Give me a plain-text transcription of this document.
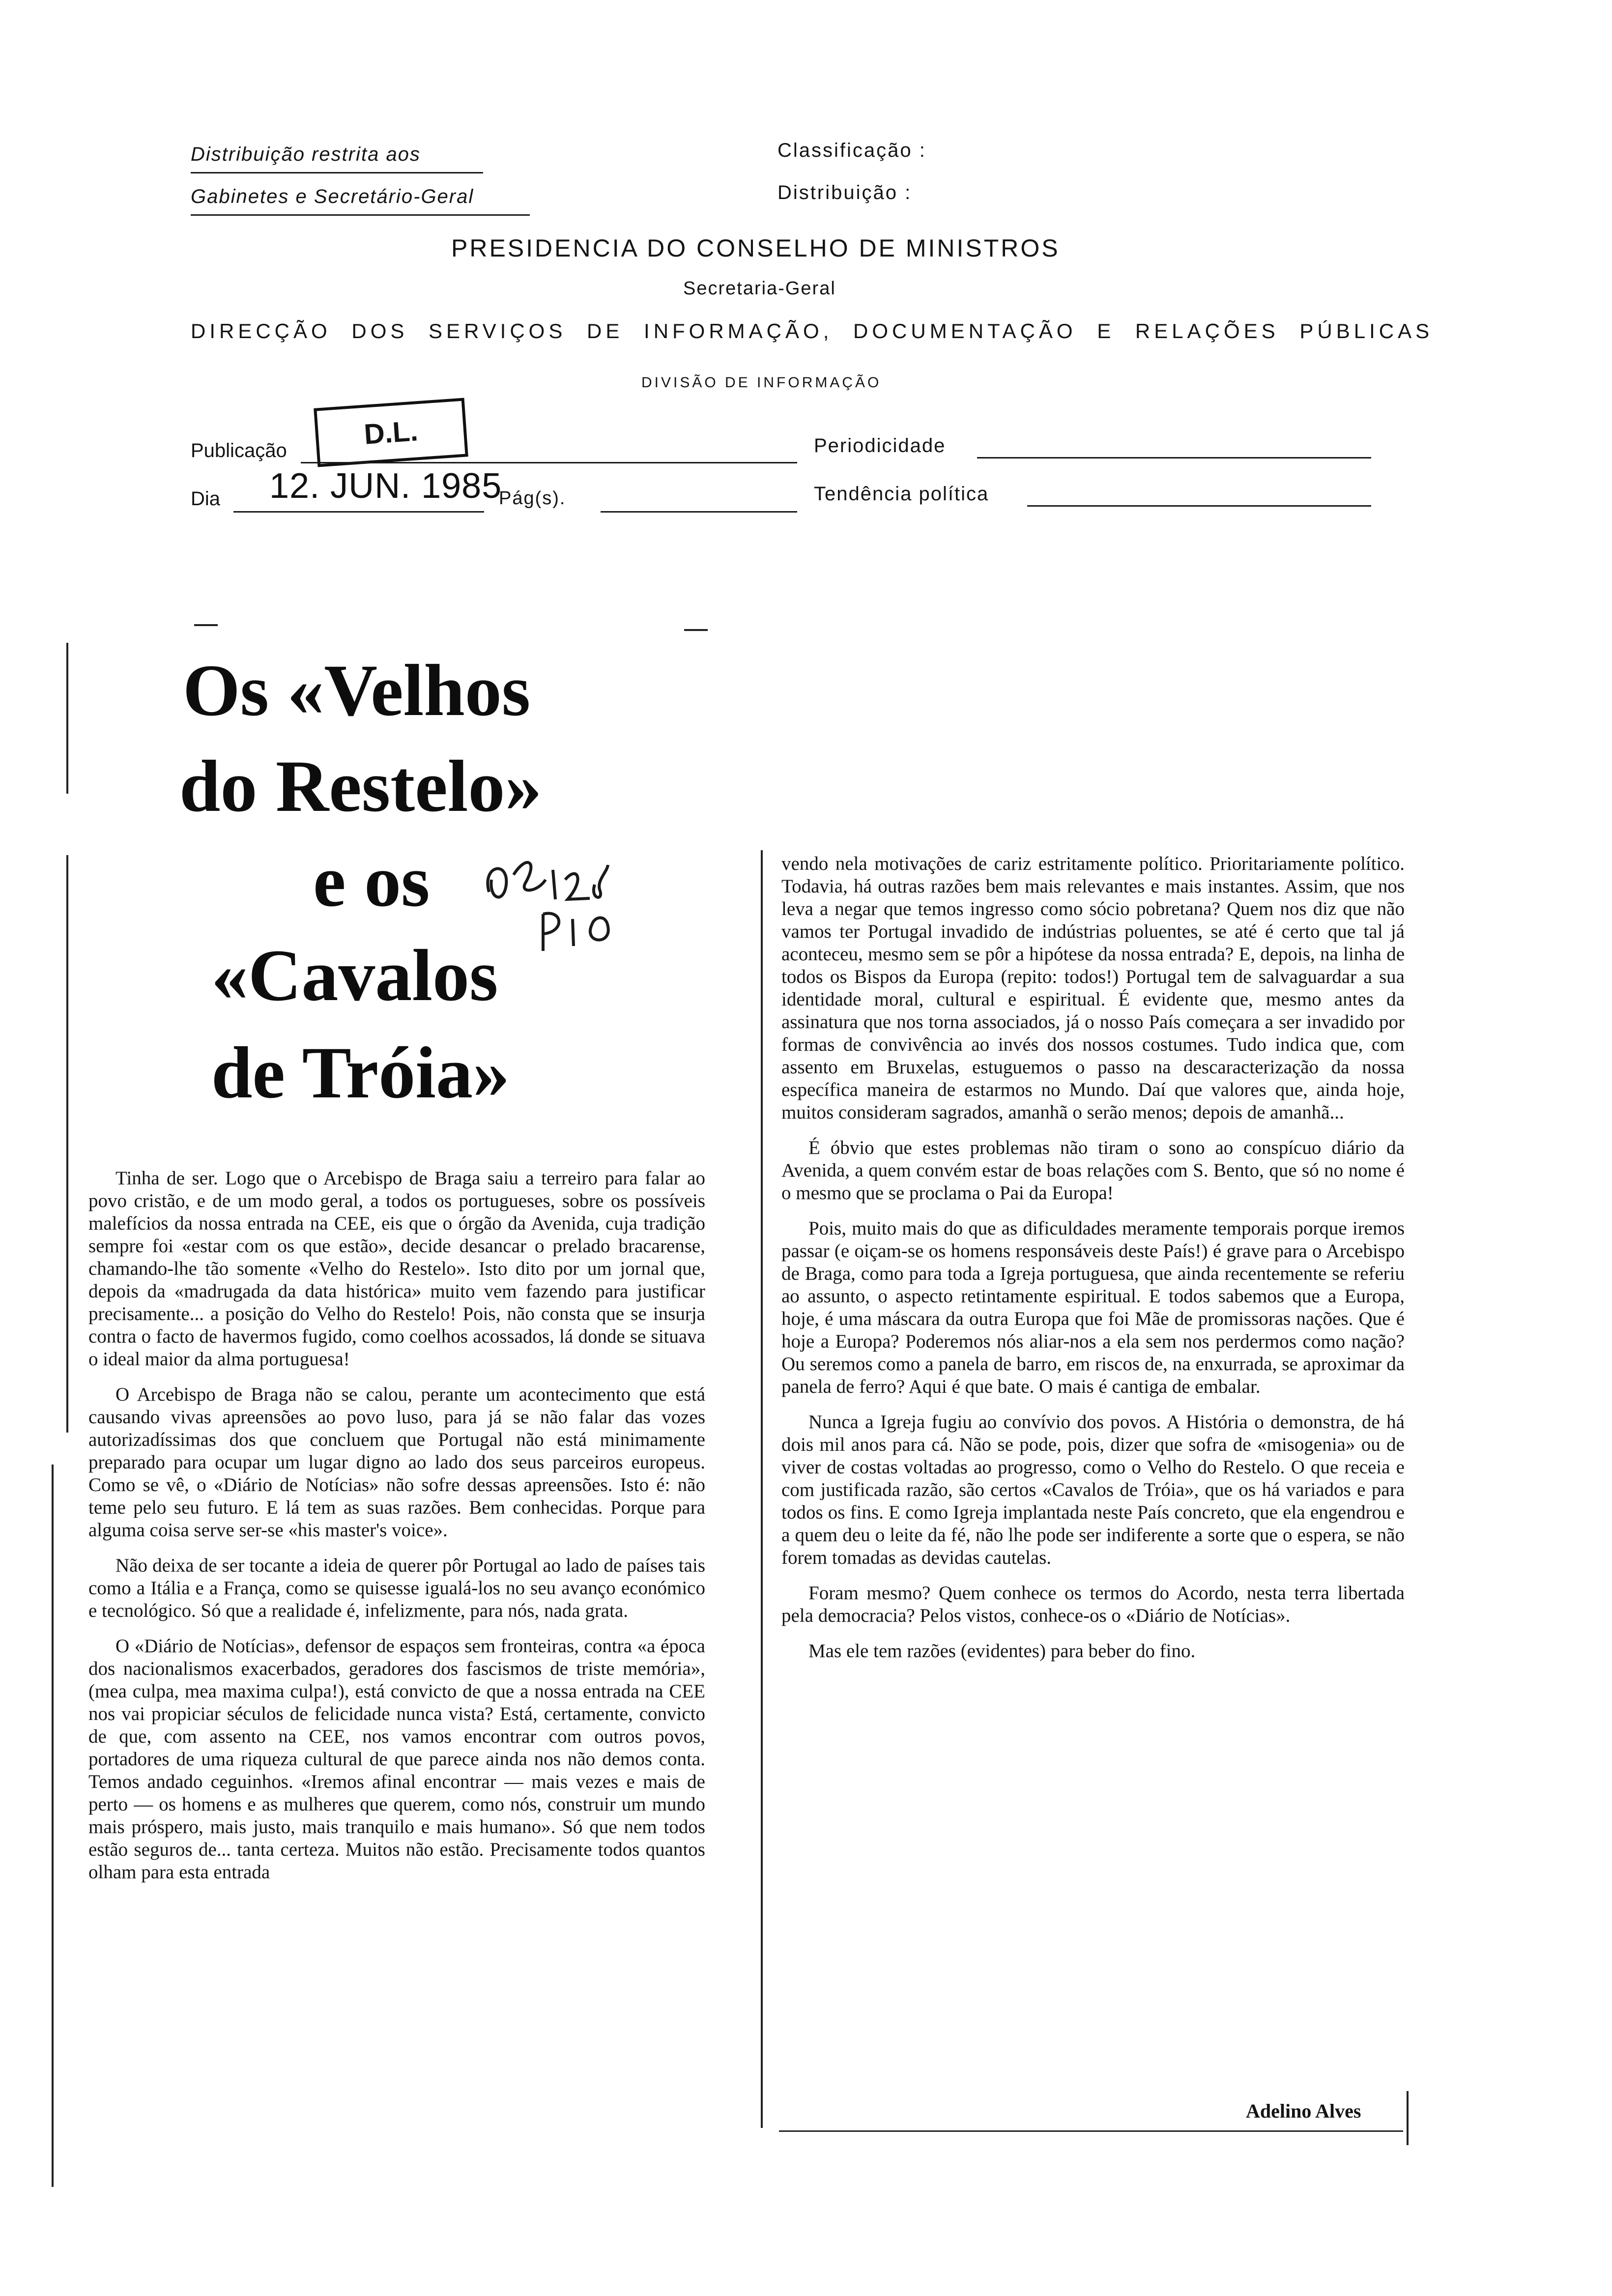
Distribuição restrita aos
Gabinetes e Secretário-Geral
Classificação :
Distribuição :
PRESIDENCIA DO CONSELHO DE MINISTROS
Secretaria-Geral
DIRECÇÃO DOS SERVIÇOS DE INFORMAÇÃO, DOCUMENTAÇÃO E RELAÇÕES PÚBLICAS
DIVISÃO DE INFORMAÇÃO
D.L.
Publicação	Periodicidade
Dia 12. JUN. 1985
Pág(s).	Tendência política
Os «Velhos
do Restelo»
e os
«Cavalos
de Tróia»

Tinha de ser. Logo que o Arcebispo de Braga saiu a terreiro para falar ao povo cristão, e de um modo geral, a todos os portugueses, sobre os possíveis malefícios da nossa entrada na CEE, eis que o órgão da Avenida, cuja tradição sempre foi «estar com os que estão», decide desancar o prelado bracarense, chamando-lhe tão somente «Velho do Restelo». Isto dito por um jornal que, depois da «madrugada da data histórica» muito vem fazendo para justificar precisamente... a posição do Velho do Restelo! Pois, não consta que se insurja contra o facto de havermos fugido, como coelhos acossados, lá donde se situava o ideal maior da alma portuguesa!

O Arcebispo de Braga não se calou, perante um acontecimento que está causando vivas apreensões ao povo luso, para já se não falar das vozes autorizadíssimas dos que concluem que Portugal não está minimamente preparado para ocupar um lugar digno ao lado dos seus parceiros europeus. Como se vê, o «Diário de Notícias» não sofre dessas apreensões. Isto é: não teme pelo seu futuro. E lá tem as suas razões. Bem conhecidas. Porque para alguma coisa serve ser-se «his master's voice».

Não deixa de ser tocante a ideia de querer pôr Portugal ao lado de países tais como a Itália e a França, como se quisesse igualá-los no seu avanço económico e tecnológico. Só que a realidade é, infelizmente, para nós, nada grata.

O «Diário de Notícias», defensor de espaços sem fronteiras, contra «a época dos nacionalismos exacerbados, geradores dos fascismos de triste memória», (mea culpa, mea maxima culpa!), está convicto de que a nossa entrada na CEE nos vai propiciar séculos de felicidade nunca vista? Está, certamente, convicto de que, com assento na CEE, nos vamos encontrar com outros povos, portadores de uma riqueza cultural de que parece ainda nos não demos conta. Temos andado ceguinhos. «Iremos afinal encontrar — mais vezes e mais de perto — os homens e as mulheres que querem, como nós, construir um mundo mais próspero, mais justo, mais tranquilo e mais humano». Só que nem todos estão seguros de... tanta certeza. Muitos não estão. Precisamente todos quantos olham para esta entrada

vendo nela motivações de cariz estritamente político. Prioritariamente político. Todavia, há outras razões bem mais relevantes e mais instantes. Assim, que nos leva a negar que temos ingresso como sócio pobretana? Quem nos diz que não vamos ter Portugal invadido de indústrias poluentes, se até é certo que tal já aconteceu, mesmo sem se pôr a hipótese da nossa entrada? E, depois, na linha de todos os Bispos da Europa (repito: todos!) Portugal tem de salvaguardar a sua identidade moral, cultural e espiritual. É evidente que, mesmo antes da assinatura que nos torna associados, já o nosso País começara a ser invadido por formas de convivência ao invés dos nossos costumes. Tudo indica que, com assento em Bruxelas, estuguemos o passo na descaracterização da nossa específica maneira de estarmos no Mundo. Daí que valores que, ainda hoje, muitos consideram sagrados, amanhã o serão menos; depois de amanhã...

É óbvio que estes problemas não tiram o sono ao conspícuo diário da Avenida, a quem convém estar de boas relações com S. Bento, que só no nome é o mesmo que se proclama o Pai da Europa!

Pois, muito mais do que as dificuldades meramente temporais porque iremos passar (e oiçam-se os homens responsáveis deste País!) é grave para o Arcebispo de Braga, como para toda a Igreja portuguesa, que ainda recentemente se referiu ao assunto, o aspecto retintamente espiritual. E todos sabemos que a Europa, hoje, é uma máscara da outra Europa que foi Mãe de promissoras nações. Que é hoje a Europa? Poderemos nós aliar-nos a ela sem nos perdermos como nação? Ou seremos como a panela de barro, em riscos de, na enxurrada, se aproximar da panela de ferro? Aqui é que bate. O mais é cantiga de embalar.

Nunca a Igreja fugiu ao convívio dos povos. A História o demonstra, de há dois mil anos para cá. Não se pode, pois, dizer que sofra de «misogenia» ou de viver de costas voltadas ao progresso, como o Velho do Restelo. O que receia e com justificada razão, são certos «Cavalos de Tróia», que os há variados e para todos os fins. E como Igreja implantada neste País concreto, que ela engendrou e a quem deu o leite da fé, não lhe pode ser indiferente a sorte que o espera, se não forem tomadas as devidas cautelas.

Foram mesmo? Quem conhece os termos do Acordo, nesta terra libertada pela democracia? Pelos vistos, conhece-os o «Diário de Notícias».

Mas ele tem razões (evidentes) para beber do fino.

Adelino Alves
